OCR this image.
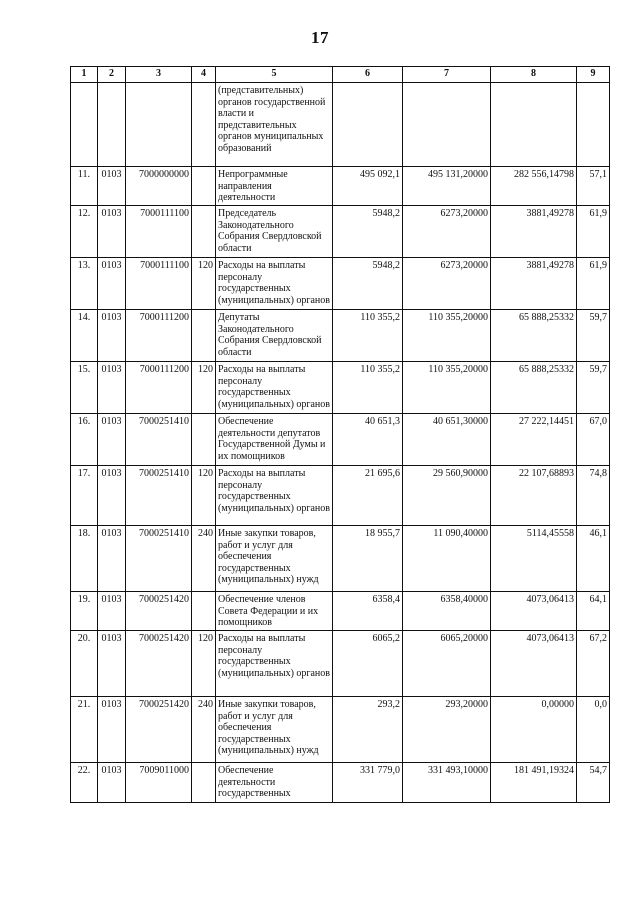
17
1	2	3	4	5	6	7	8	9
				(представительных) органов государственной власти и представительных органов муниципальных образований				
11.	0103	7000000000		Непрограммные направления деятельности	495 092,1	495 131,20000	282 556,14798	57,1
12.	0103	7000111100		Председатель Законодательного Собрания Свердловской области	5948,2	6273,20000	3881,49278	61,9
13.	0103	7000111100	120	Расходы на выплаты персоналу государственных (муниципальных) органов	5948,2	6273,20000	3881,49278	61,9
14.	0103	7000111200		Депутаты Законодательного Собрания Свердловской области	110 355,2	110 355,20000	65 888,25332	59,7
15.	0103	7000111200	120	Расходы на выплаты персоналу государственных (муниципальных) органов	110 355,2	110 355,20000	65 888,25332	59,7
16.	0103	7000251410		Обеспечение деятельности депутатов Государственной Думы и их помощников	40 651,3	40 651,30000	27 222,14451	67,0
17.	0103	7000251410	120	Расходы на выплаты персоналу государственных (муниципальных) органов	21 695,6	29 560,90000	22 107,68893	74,8
18.	0103	7000251410	240	Иные закупки товаров, работ и услуг для обеспечения государственных (муниципальных) нужд	18 955,7	11 090,40000	5114,45558	46,1
19.	0103	7000251420		Обеспечение членов Совета Федерации и их помощников	6358,4	6358,40000	4073,06413	64,1
20.	0103	7000251420	120	Расходы на выплаты персоналу государственных (муниципальных) органов	6065,2	6065,20000	4073,06413	67,2
21.	0103	7000251420	240	Иные закупки товаров, работ и услуг для обеспечения государственных (муниципальных) нужд	293,2	293,20000	0,00000	0,0
22.	0103	7009011000		Обеспечение деятельности государственных	331 779,0	331 493,10000	181 491,19324	54,7
